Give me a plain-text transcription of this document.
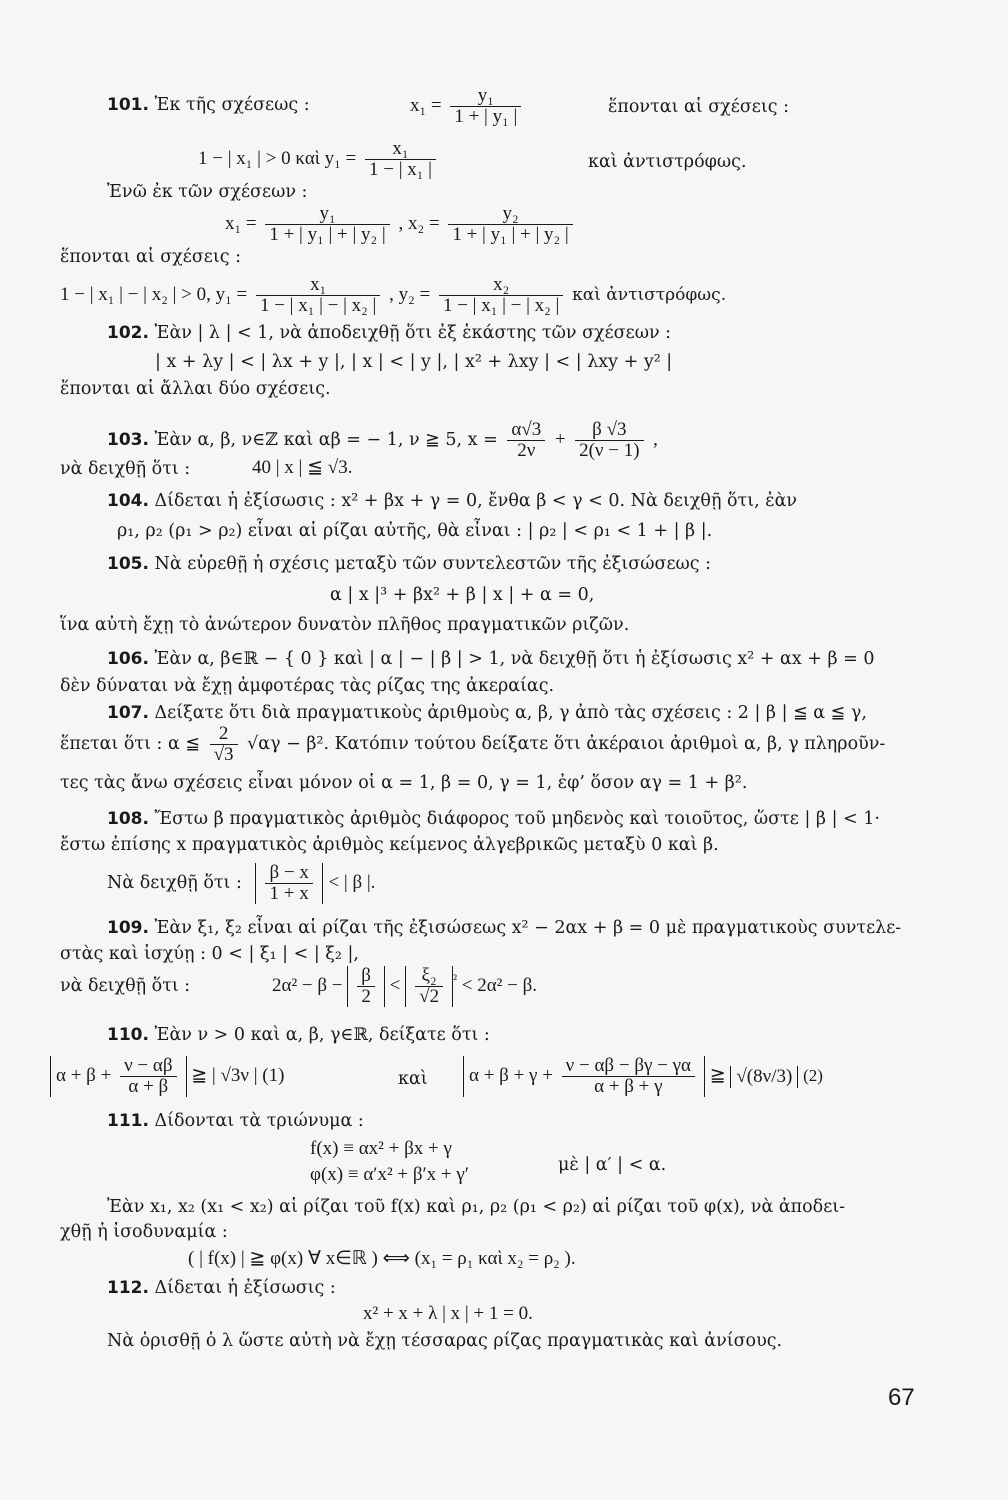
101. Ἐκ τῆς σχέσεως :	$x_1 = \frac{\text{y₁}}{\text{1 + | y₁ |}}$	ἕπονται αἱ σχέσεις :
1 − | x₁ | > 0 καὶ $y_1 = \frac{\text{x₁}}{\text{1 − | x₁ |}}$	καὶ ἀντιστρόφως.
Ἐνῶ ἐκ τῶν σχέσεων :
$x_1 = \frac{\text{y₁}}{\text{1 + | y₁ | + | y₂ |}}$ , $x_2 = \frac{\text{y₂}}{\text{1 + | y₁ | + | y₂ |}}$
ἕπονται αἱ σχέσεις :
1 − | x₁ | − | x₂ | > 0, $y_1 = \frac{\text{x₁}}{\text{1 − | x₁ | − | x₂ |}}$ , $y_2 = \frac{\text{x₂}}{\text{1 − | x₁ | − | x₂ |}}$ καὶ ἀντιστρόφως.
102. Ἐὰν | λ | < 1, νὰ ἀποδειχθῇ ὅτι ἐξ ἑκάστης τῶν σχέσεων :
| x + λy | < | λx + y |, | x | < | y |, | x² + λxy | < | λxy + y² |
ἕπονται αἱ ἄλλαι δύο σχέσεις.
103. Ἐὰν α, β, ν∈ℤ καὶ αβ = − 1, ν ≧ 5, $x = \frac{\alpha√3}{2\nu} + \frac{\beta √3}{2(\nu - 1)}$ ,
νὰ δειχθῇ ὅτι :	40 | x | ≦ √3.
104. Δίδεται ἡ ἐξίσωσις : x² + βx + γ = 0, ἔνθα β < γ < 0. Νὰ δειχθῇ ὅτι, ἐὰν
ρ₁, ρ₂ (ρ₁ > ρ₂) εἶναι αἱ ρίζαι αὐτῆς, θὰ εἶναι : | ρ₂ | < ρ₁ < 1 + | β |.
105. Νὰ εὑρεθῇ ἡ σχέσις μεταξὺ τῶν συντελεστῶν τῆς ἐξισώσεως :
α | x |³ + βx² + β | x | + α = 0,
ἵνα αὐτὴ ἔχῃ τὸ ἀνώτερον δυνατὸν πλῆθος πραγματικῶν ριζῶν.
106. Ἐὰν α, β∈ℝ − { 0 } καὶ | α | − | β | > 1, νὰ δειχθῇ ὅτι ἡ ἐξίσωσις x² + αx + β = 0
δὲν δύναται νὰ ἔχῃ ἀμφοτέρας τὰς ρίζας της ἀκεραίας.
107. Δείξατε ὅτι διὰ πραγματικοὺς ἀριθμοὺς α, β, γ ἀπὸ τὰς σχέσεις : 2 | β | ≦ α ≦ γ,
ἕπεται ὅτι : α ≦ $\frac{2}{√3} √\alpha\gamma - \beta^2$. Κατόπιν τούτου δείξατε ὅτι ἀκέραιοι ἀριθμοὶ α, β, γ πληροῦν-
τες τὰς ἄνω σχέσεις εἶναι μόνον οἱ α = 1, β = 0, γ = 1, ἐφ’ ὅσον αγ = 1 + β².
108. Ἔστω β πραγματικὸς ἀριθμὸς διάφορος τοῦ μηδενὸς καὶ τοιοῦτος, ὥστε | β | < 1·
ἔστω ἐπίσης x πραγματικὸς ἀριθμὸς κείμενος ἀλγεβρικῶς μεταξὺ 0 καὶ β.
Νὰ δειχθῇ ὅτι : $\frac{\beta - x}{1 + x}$ < | β |.
109. Ἐὰν ξ₁, ξ₂ εἶναι αἱ ρίζαι τῆς ἐξισώσεως x² − 2αx + β = 0 μὲ πραγματικοὺς συντελε-
στὰς καὶ ἰσχύῃ : 0 < | ξ₁ | < | ξ₂ |,
νὰ δειχθῇ ὅτι :	$2\alpha^2 - \beta - \frac{\beta}{2} < \frac{\text{ξ₂}}{√2} ^{^2} < 2\alpha^2 - \beta$.
110. Ἐὰν ν > 0 καὶ α, β, γ∈ℝ, δείξατε ὅτι :
$\alpha + \beta + \frac{\nu - \alpha\beta}{\alpha + \beta}$ ≧ | √3ν | (1)	καὶ	$\alpha + \beta + \gamma + \frac{\nu - \alpha\beta - \beta\gamma - \gamma\alpha}{\alpha + \beta + \gamma}$ ≧ √(8ν/3) (2)
111. Δίδονται τὰ τριώνυμα :
f(x) ≡ αx² + βx + γ
φ(x) ≡ α′x² + β′x + γ′	μὲ | α′ | < α.
Ἐὰν x₁, x₂ (x₁ < x₂) αἱ ρίζαι τοῦ f(x) καὶ ρ₁, ρ₂ (ρ₁ < ρ₂) αἱ ρίζαι τοῦ φ(x), νὰ ἀποδει-
χθῇ ἡ ἰσοδυναμία :
( | f(x) | ≧ φ(x) ∀ x∈ℝ ) ⟺ (x₁ = ρ₁ καὶ x₂ = ρ₂ ).
112. Δίδεται ἡ ἐξίσωσις :
x² + x + λ | x | + 1 = 0.
Νὰ ὁρισθῇ ὁ λ ὥστε αὐτὴ νὰ ἔχῃ τέσσαρας ρίζας πραγματικὰς καὶ ἀνίσους.
67
